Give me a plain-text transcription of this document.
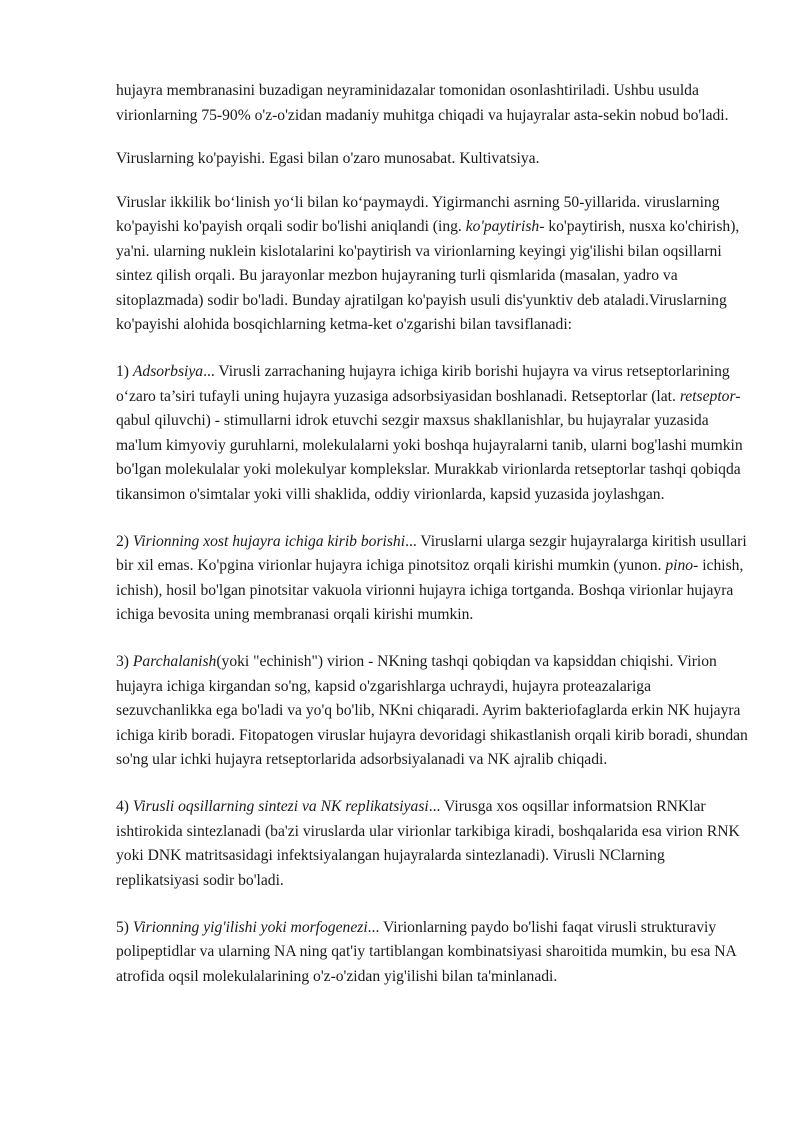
hujayra membranasini buzadigan neyraminidazalar tomonidan osonlashtiriladi. Ushbu usulda virionlarning 75-90% o'z-o'zidan madaniy muhitga chiqadi va hujayralar asta-sekin nobud bo'ladi.

Viruslarning ko'payishi. Egasi bilan o'zaro munosabat. Kultivatsiya.

Viruslar ikkilik bo‘linish yo‘li bilan ko‘paymaydi. Yigirmanchi asrning 50-yillarida. viruslarning ko'payishi ko'payish orqali sodir bo'lishi aniqlandi (ing. ko'paytirish- ko'paytirish, nusxa ko'chirish), ya'ni. ularning nuklein kislotalarini ko'paytirish va virionlarning keyingi yig'ilishi bilan oqsillarni sintez qilish orqali. Bu jarayonlar mezbon hujayraning turli qismlarida (masalan, yadro va sitoplazmada) sodir bo'ladi. Bunday ajratilgan ko'payish usuli dis'yunktiv deb ataladi.Viruslarning ko'payishi alohida bosqichlarning ketma-ket o'zgarishi bilan tavsiflanadi:

1) Adsorbsiya... Virusli zarrachaning hujayra ichiga kirib borishi hujayra va virus retseptorlarining o‘zaro ta’siri tufayli uning hujayra yuzasiga adsorbsiyasidan boshlanadi. Retseptorlar (lat. retseptor- qabul qiluvchi) - stimullarni idrok etuvchi sezgir maxsus shakllanishlar, bu hujayralar yuzasida ma'lum kimyoviy guruhlarni, molekulalarni yoki boshqa hujayralarni tanib, ularni bog'lashi mumkin bo'lgan molekulalar yoki molekulyar komplekslar. Murakkab virionlarda retseptorlar tashqi qobiqda tikansimon o'simtalar yoki villi shaklida, oddiy virionlarda, kapsid yuzasida joylashgan.

2) Virionning xost hujayra ichiga kirib borishi... Viruslarni ularga sezgir hujayralarga kiritish usullari bir xil emas. Ko'pgina virionlar hujayra ichiga pinotsitoz orqali kirishi mumkin (yunon. pino- ichish, ichish), hosil bo'lgan pinotsitar vakuola virionni hujayra ichiga tortganda. Boshqa virionlar hujayra ichiga bevosita uning membranasi orqali kirishi mumkin.

3) Parchalanish(yoki "echinish") virion - NKning tashqi qobiqdan va kapsiddan chiqishi. Virion hujayra ichiga kirgandan so'ng, kapsid o'zgarishlarga uchraydi, hujayra proteazalariga sezuvchanlikka ega bo'ladi va yo'q bo'lib, NKni chiqaradi. Ayrim bakteriofaglarda erkin NK hujayra ichiga kirib boradi. Fitopatogen viruslar hujayra devoridagi shikastlanish orqali kirib boradi, shundan so'ng ular ichki hujayra retseptorlarida adsorbsiyalanadi va NK ajralib chiqadi.

4) Virusli oqsillarning sintezi va NK replikatsiyasi... Virusga xos oqsillar informatsion RNKlar ishtirokida sintezlanadi (ba'zi viruslarda ular virionlar tarkibiga kiradi, boshqalarida esa virion RNK yoki DNK matritsasidagi infektsiyalangan hujayralarda sintezlanadi). Virusli NClarning replikatsiyasi sodir bo'ladi.

5) Virionning yig'ilishi yoki morfogenezi... Virionlarning paydo bo'lishi faqat virusli strukturaviy polipeptidlar va ularning NA ning qat'iy tartiblangan kombinatsiyasi sharoitida mumkin, bu esa NA atrofida oqsil molekulalarining o'z-o'zidan yig'ilishi bilan ta'minlanadi.
